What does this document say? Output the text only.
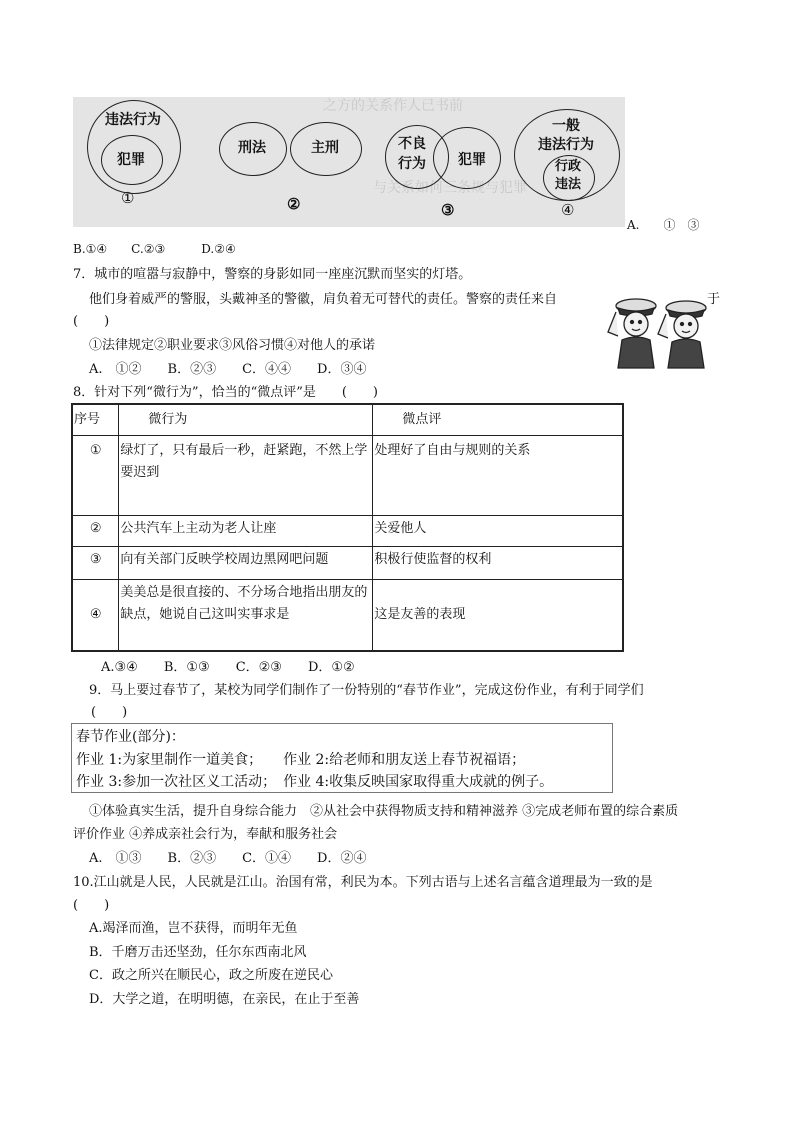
之方的关系作人已书前
与关系如何三条规与犯罪
违法行为
犯罪
①
刑法	主刑
②
不良
行为	犯罪
③
一般
违法行为
行政
违法
④
A.　　①　③
B.①④　　C.②③　　　D.②④
7．城市的喧嚣与寂静中，警察的身影如同一座座沉默而坚实的灯塔。
他们身着威严的警服，头戴神圣的警徽，肩负着无可替代的责任。警察的责任来自	于
(　　)
①法律规定②职业要求③风俗习惯④对他人的承诺
A.　①②　　B．②③　　C．④④　　D．③④
8．针对下列“微行为”，恰当的“微点评”是　　(　　)
序号	微行为	微点评
①	绿灯了，只有最后一秒，赶紧跑，不然上学要迟到	处理好了自由与规则的关系
②	公共汽车上主动为老人让座	关爱他人
③	向有关部门反映学校周边黑网吧问题	积极行使监督的权利
④	美美总是很直接的、不分场合地指出朋友的缺点，她说自己这叫实事求是	这是友善的表现
A.③④　　B．①③　　C．②③　　D．①②
9．马上要过春节了，某校为同学们制作了一份特别的“春节作业”，完成这份作业，有利于同学们
(　　)
春节作业(部分)：
作业 1:为家里制作一道美食；　　作业 2:给老师和朋友送上春节祝福语；
作业 3:参加一次社区义工活动；　作业 4:收集反映国家取得重大成就的例子。
①体验真实生活，提升自身综合能力　②从社会中获得物质支持和精神滋养 ③完成老师布置的综合素质
评价作业 ④养成亲社会行为，奉献和服务社会
A.　①③　　B．②③　　C．①④　　D．②④
10.江山就是人民，人民就是江山。治国有常，利民为本。下列古语与上述名言蕴含道理最为一致的是
(　　)
A.竭泽而渔，岂不获得，而明年无鱼
B．千磨万击还坚劲，任尔东西南北风
C．政之所兴在顺民心，政之所废在逆民心
D．大学之道，在明明德，在亲民，在止于至善
